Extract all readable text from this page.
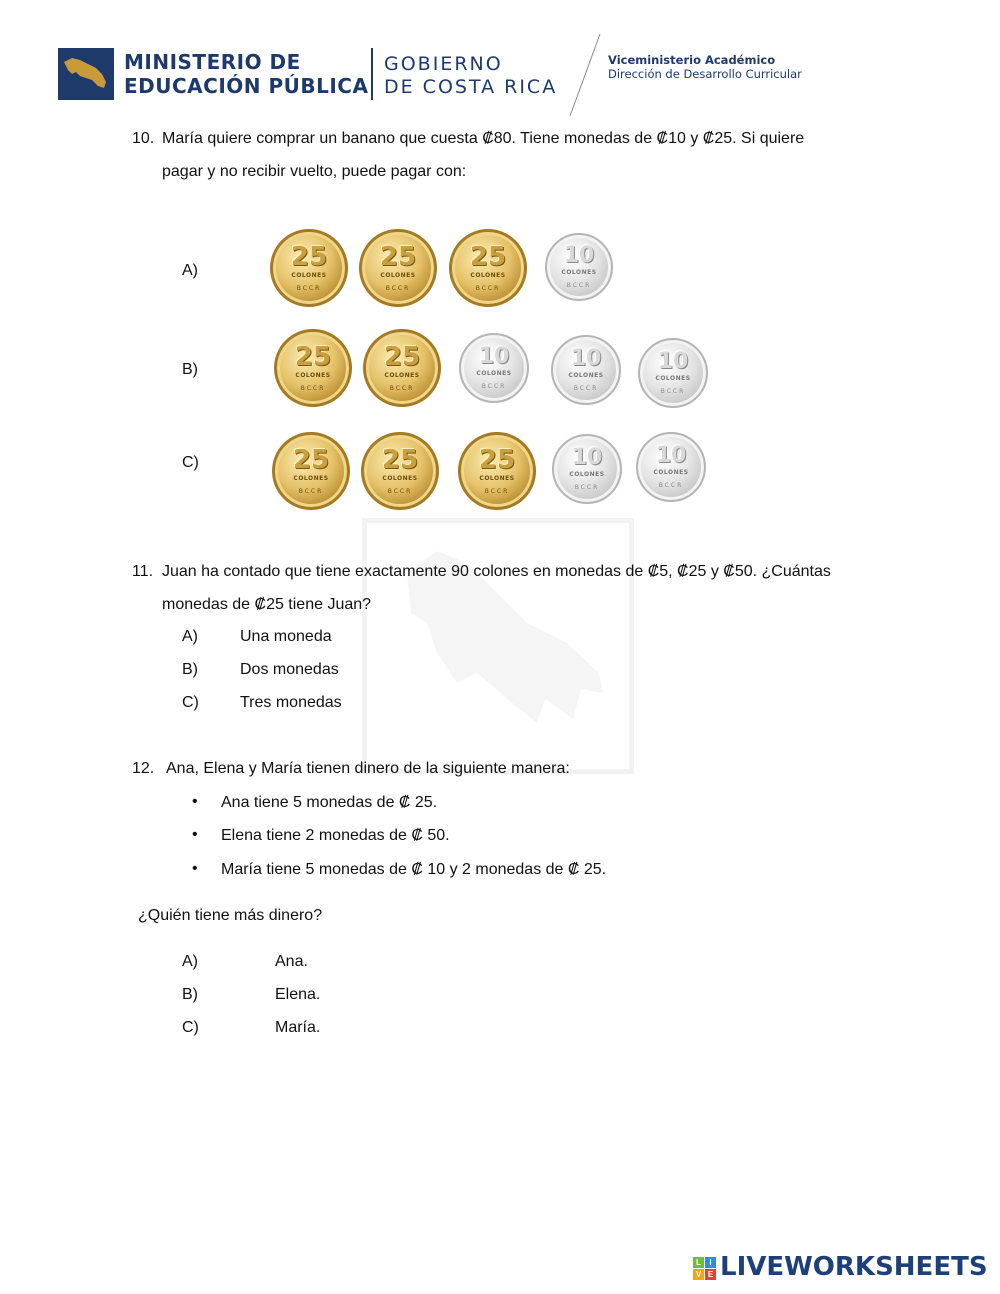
MINISTERIO DE
EDUCACIÓN PÚBLICA
GOBIERNO
DE COSTA RICA
Viceministerio Académico
Dirección de Desarrollo Curricular
10. María quiere comprar un banano que cuesta ₡80. Tiene monedas de ₡10 y ₡25. Si quiere
pagar y no recibir vuelto, puede pagar con:
A)
B)
C)
25
COLONES
BCCR
25
COLONES
BCCR
25
COLONES
BCCR
10
COLONES
BCCR
25
COLONES
BCCR
25
COLONES
BCCR
10
COLONES
BCCR
10
COLONES
BCCR
10
COLONES
BCCR
25
COLONES
BCCR
25
COLONES
BCCR
25
COLONES
BCCR
10
COLONES
BCCR
10
COLONES
BCCR
11. Juan ha contado que tiene exactamente 90 colones en monedas de ₡5, ₡25 y ₡50. ¿Cuántas
monedas de ₡25 tiene Juan?
A)	Una moneda
B)	Dos monedas
C)	Tres monedas
12. Ana, Elena y María tienen dinero de la siguiente manera:
• Ana tiene 5 monedas de ₡ 25.
• Elena tiene 2 monedas de ₡ 50.
• María tiene 5 monedas de ₡ 10 y 2 monedas de ₡ 25.
¿Quién tiene más dinero?
A)	Ana.
B)	Elena.
C)	María.
L	I
V E LIVEWORKSHEETS
